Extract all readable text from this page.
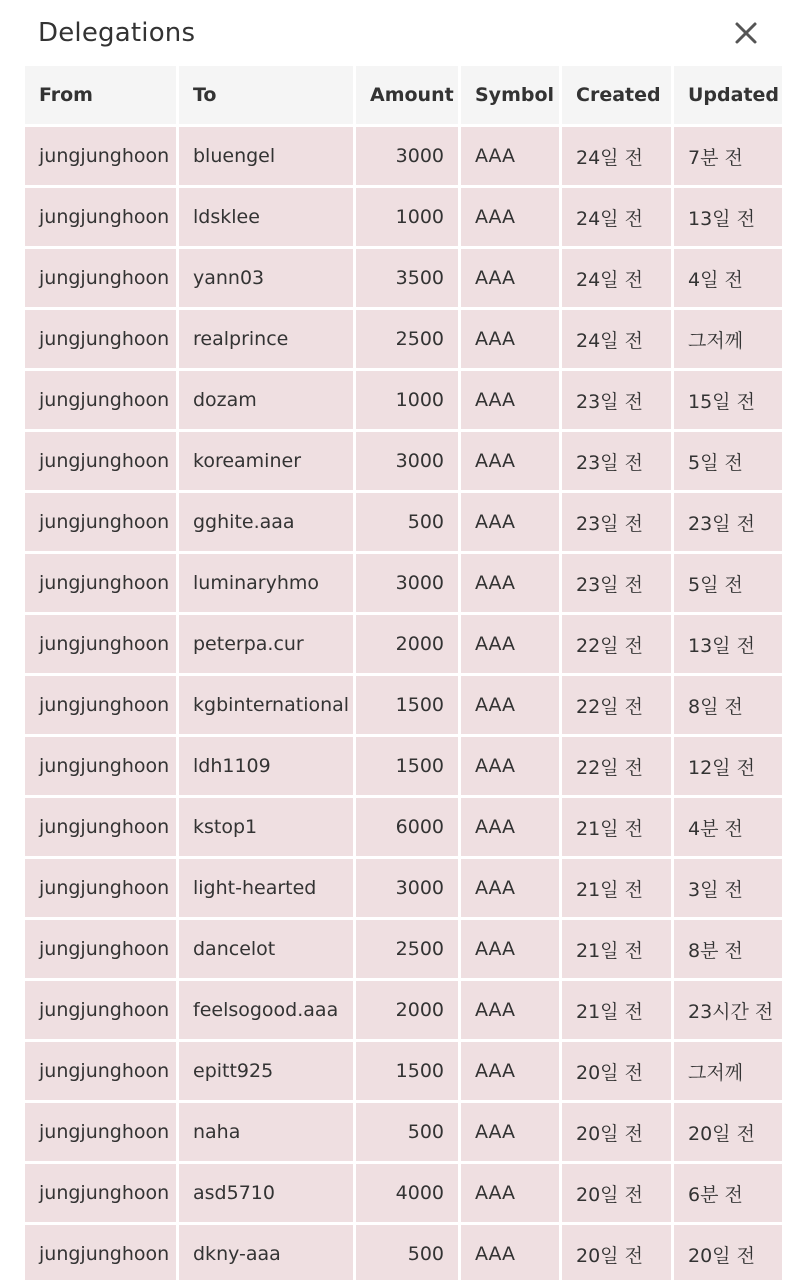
Delegations
From	To	Amount	Symbol	Created	Updated
jungjunghoon	bluengel	3000	AAA	24일 전	7분 전
jungjunghoon	ldsklee	1000	AAA	24일 전	13일 전
jungjunghoon	yann03	3500	AAA	24일 전	4일 전
jungjunghoon	realprince	2500	AAA	24일 전	그저께
jungjunghoon	dozam	1000	AAA	23일 전	15일 전
jungjunghoon	koreaminer	3000	AAA	23일 전	5일 전
jungjunghoon	gghite.aaa	500	AAA	23일 전	23일 전
jungjunghoon	luminaryhmo	3000	AAA	23일 전	5일 전
jungjunghoon	peterpa.cur	2000	AAA	22일 전	13일 전
jungjunghoon	kgbinternational	1500	AAA	22일 전	8일 전
jungjunghoon	ldh1109	1500	AAA	22일 전	12일 전
jungjunghoon	kstop1	6000	AAA	21일 전	4분 전
jungjunghoon	light-hearted	3000	AAA	21일 전	3일 전
jungjunghoon	dancelot	2500	AAA	21일 전	8분 전
jungjunghoon	feelsogood.aaa	2000	AAA	21일 전	23시간 전
jungjunghoon	epitt925	1500	AAA	20일 전	그저께
jungjunghoon	naha	500	AAA	20일 전	20일 전
jungjunghoon	asd5710	4000	AAA	20일 전	6분 전
jungjunghoon	dkny-aaa	500	AAA	20일 전	20일 전
